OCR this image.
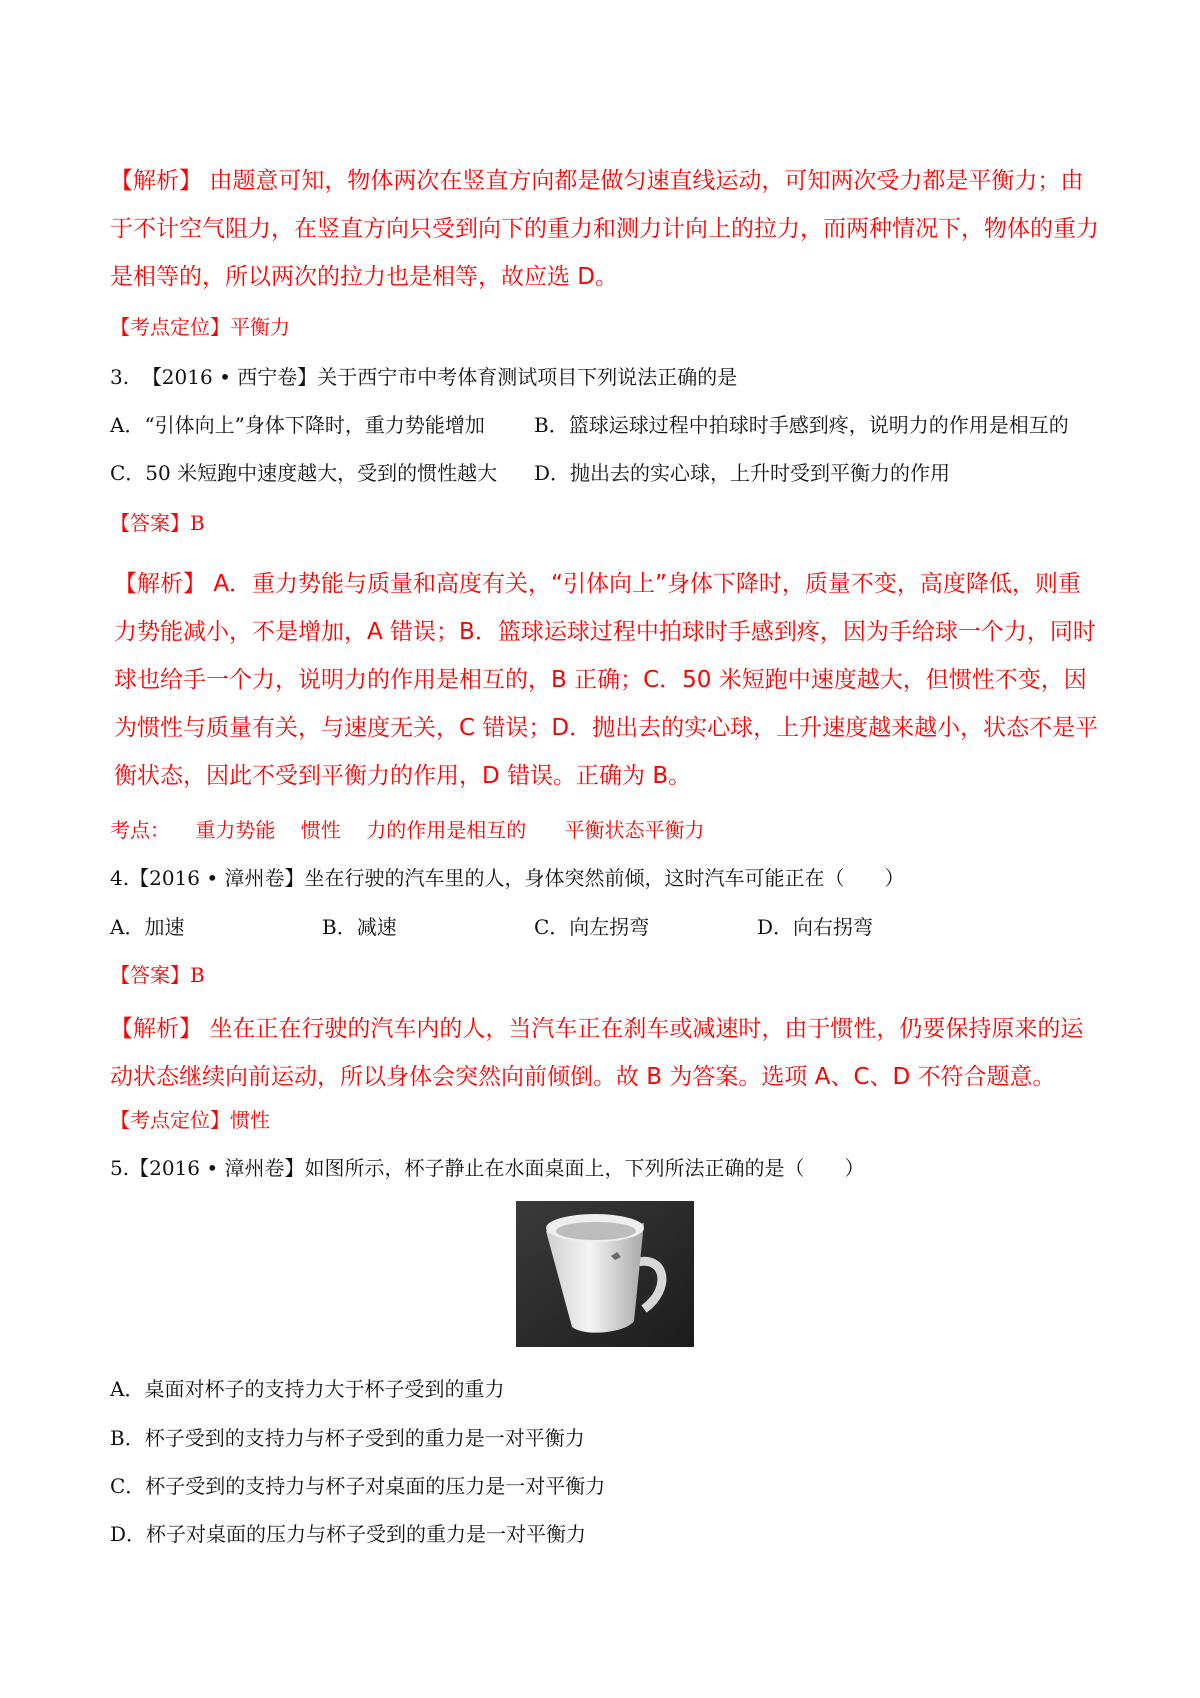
【解析】 由题意可知，物体两次在竖直方向都是做匀速直线运动，可知两次受力都是平衡力；由于不计空气阻力，在竖直方向只受到向下的重力和测力计向上的拉力，而两种情况下，物体的重力是相等的，所以两次的拉力也是相等，故应选 D。

【考点定位】平衡力
3. 【2016 • 西宁卷】关于西宁市中考体育测试项目下列说法正确的是
A．“引体向上”身体下降时，重力势能增加	B．篮球运球过程中拍球时手感到疼，说明力的作用是相互的
C．50 米短跑中速度越大，受到的惯性越大	D．抛出去的实心球，上升时受到平衡力的作用
【答案】B

【解析】 A．重力势能与质量和高度有关，“引体向上”身体下降时，质量不变，高度降低，则重力势能减小，不是增加，A 错误；B．篮球运球过程中拍球时手感到疼，因为手给球一个力，同时球也给手一个力，说明力的作用是相互的，B 正确；C．50 米短跑中速度越大，但惯性不变，因为惯性与质量有关，与速度无关，C 错误；D．抛出去的实心球，上升速度越来越小，状态不是平衡状态，因此不受到平衡力的作用，D 错误。正确为 B。

考点： 重力势能 惯性 力的作用是相互的 平衡状态平衡力
4.【2016 • 漳州卷】坐在行驶的汽车里的人，身体突然前倾，这时汽车可能正在（　　）
A．加速	B．减速	C．向左拐弯	D．向右拐弯
【答案】B

【解析】 坐在正在行驶的汽车内的人，当汽车正在刹车或减速时，由于惯性，仍要保持原来的运动状态继续向前运动，所以身体会突然向前倾倒。故 B 为答案。选项 A、C、D 不符合题意。

【考点定位】惯性
5.【2016 • 漳州卷】如图所示，杯子静止在水面桌面上，下列所法正确的是（　　）
A．桌面对杯子的支持力大于杯子受到的重力
B．杯子受到的支持力与杯子受到的重力是一对平衡力
C．杯子受到的支持力与杯子对桌面的压力是一对平衡力
D．杯子对桌面的压力与杯子受到的重力是一对平衡力
